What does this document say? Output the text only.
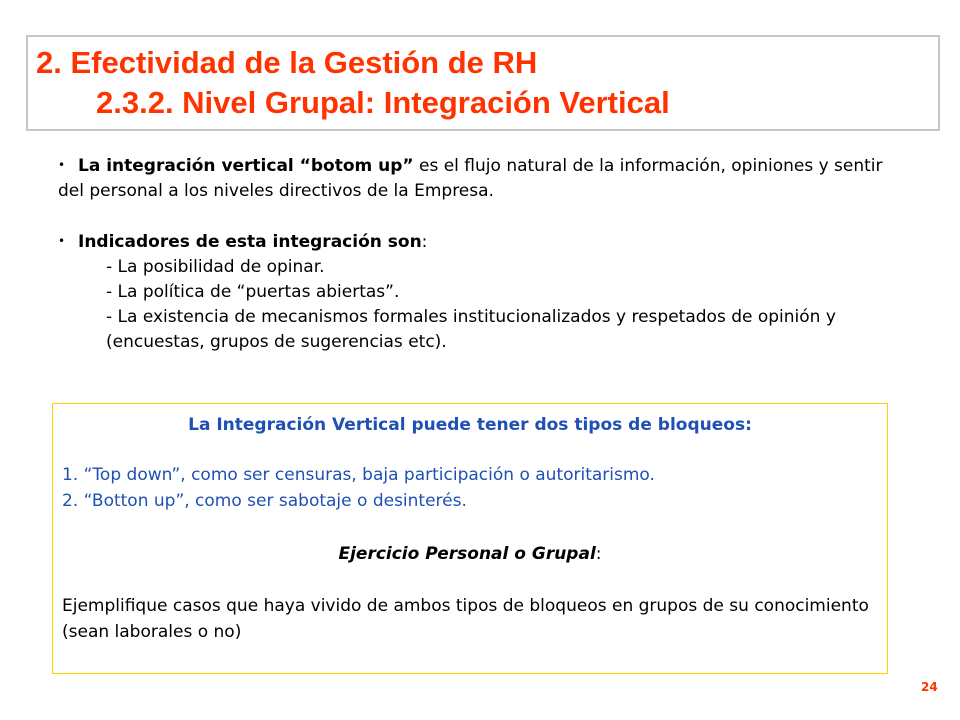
2. Efectividad de la Gestión de RH
2.3.2. Nivel Grupal: Integración Vertical

• La integración vertical “botom up” es el flujo natural de la información, opiniones y sentir del personal a los niveles directivos de la Empresa.

• Indicadores de esta integración son:

- La posibilidad de opinar.
- La política de “puertas abiertas”.
- La existencia de mecanismos formales institucionalizados y respetados de opinión y (encuestas, grupos de sugerencias etc).
La Integración Vertical puede tener dos tipos de bloqueos:
1. “Top down”, como ser censuras, baja participación o autoritarismo.
2. “Botton up”, como ser sabotaje o desinterés.
Ejercicio Personal o Grupal:
Ejemplifique casos que haya vivido de ambos tipos de bloqueos en grupos de su conocimiento (sean laborales o no)
24
